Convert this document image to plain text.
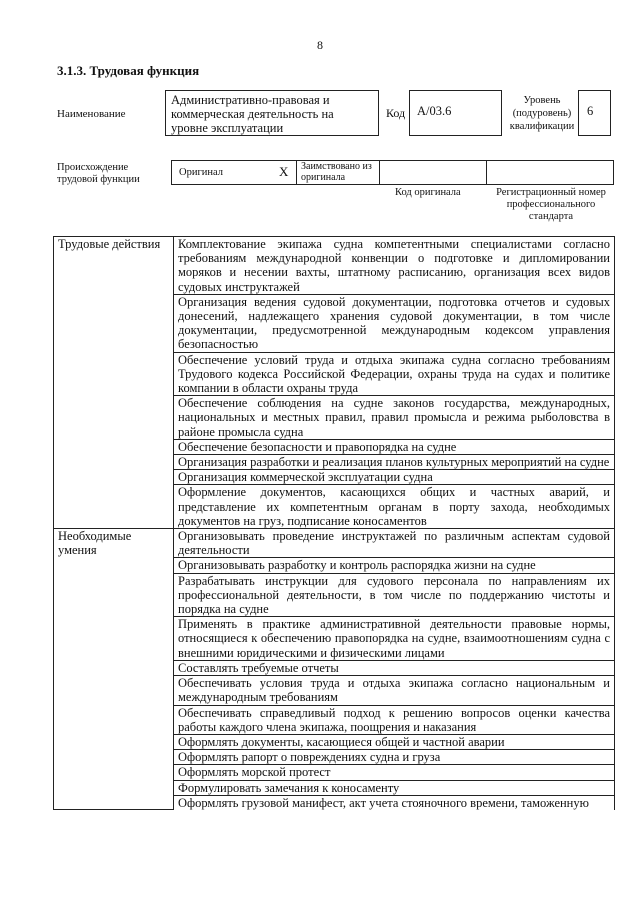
8
3.1.3. Трудовая функция
Наименование
Административно-правовая и коммерческая деятельность на уровне эксплуатации
Код А/03.6
Уровень (подуровень) квалификации
6
Происхождение трудовой функции
Оригинал	X Заимствовано из оригинала
Код оригинала	Регистрационный номер профессионального стандарта
Трудовые действия	Комплектование экипажа судна компетентными специалистами согласно требованиям международной конвенции о подготовке и дипломировании моряков и несении вахты, штатному расписанию, организация всех видов судовых инструктажей
	Организация ведения судовой документации, подготовка отчетов и судовых донесений, надлежащего хранения судовой документации, в том числе документации, предусмотренной международным кодексом управления безопасностью
	Обеспечение условий труда и отдыха экипажа судна согласно требованиям Трудового кодекса Российской Федерации, охраны труда на судах и политике компании в области охраны труда
	Обеспечение соблюдения на судне законов государства, международных, национальных и местных правил, правил промысла и режима рыболовства в районе промысла судна
	Обеспечение безопасности и правопорядка на судне
	Организация разработки и реализация планов культурных мероприятий на судне
	Организация коммерческой эксплуатации судна
	Оформление документов, касающихся общих и частных аварий, и представление их компетентным органам в порту захода, необходимых документов на груз, подписание коносаментов
Необходимые умения	Организовывать проведение инструктажей по различным аспектам судовой деятельности
	Организовывать разработку и контроль распорядка жизни на судне
	Разрабатывать инструкции для судового персонала по направлениям их профессиональной деятельности, в том числе по поддержанию чистоты и порядка на судне
	Применять в практике административной деятельности правовые нормы, относящиеся к обеспечению правопорядка на судне, взаимоотношениям судна с внешними юридическими и физическими лицами
	Составлять требуемые отчеты
	Обеспечивать условия труда и отдыха экипажа согласно национальным и международным требованиям
	Обеспечивать справедливый подход к решению вопросов оценки качества работы каждого члена экипажа, поощрения и наказания
	Оформлять документы, касающиеся общей и частной аварии
	Оформлять рапорт о повреждениях судна и груза
	Оформлять морской протест
	Формулировать замечания к коносаменту
	Оформлять грузовой манифест, акт учета стояночного времени, таможенную
